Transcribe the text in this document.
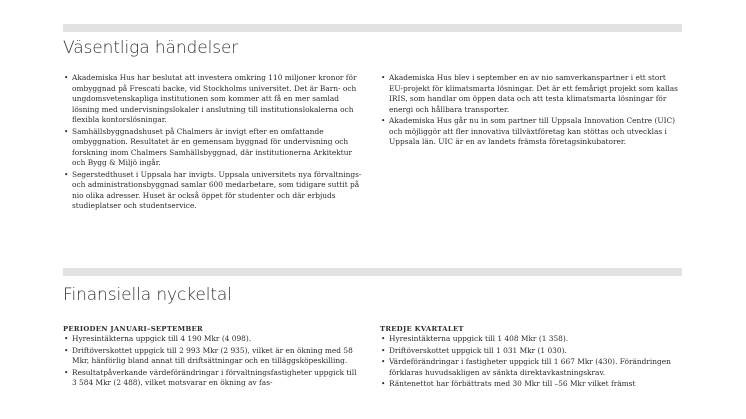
Väsentliga händelser
• Akademiska Hus har beslutat att investera omkring 110 miljoner kronor för ombyggnad på Frescati backe, vid Stockholms universitet. Det är Barn- och ungdomsvetenskapliga institutionen som kommer att få en mer samlad lösning med undervisningslokaler i anslutning till institutionslokalerna och flexibla kontorslösningar.
• Samhällsbyggnadshuset på Chalmers är invigt efter en omfattande ombyggnation. Resultatet är en gemensam byggnad för undervisning och forskning inom Chalmers Samhällsbyggnad, där institutionerna Arkitektur och Bygg & Miljö ingår.
• Segerstedthuset i Uppsala har invigts. Uppsala universitets nya förvaltnings- och administrationsbyggnad samlar 600 medarbetare, som tidigare suttit på nio olika adresser. Huset är också öppet för studenter och där erbjuds studieplatser och studentservice.
• Akademiska Hus blev i september en av nio samverkanspartner i ett stort EU-projekt för klimatsmarta lösningar. Det är ett femårigt projekt som kallas IRIS, som handlar om öppen data och att testa klimatsmarta lösningar för energi och hållbara transporter.
• Akademiska Hus går nu in som partner till Uppsala Innovation Centre (UIC) och möjliggör att fler innovativa tillväxtföretag kan stöttas och utvecklas i Uppsala län. UIC är en av landets främsta företagsinkubatorer.
Finansiella nyckeltal
PERIODEN JANUARI–SEPTEMBER
• Hyresintäkterna uppgick till 4 190 Mkr (4 098).
• Driftöverskottet uppgick till 2 993 Mkr (2 935), vilket är en ökning med 58 Mkr, hänförlig bland annat till driftsättningar och en tilläggsköpeskilling.
• Resultatpåverkande värdeförändringar i förvaltningsfastigheter uppgick till 3 584 Mkr (2 488), vilket motsvarar en ökning av fas-
TREDJE KVARTALET
• Hyresintäkterna uppgick till 1 408 Mkr (1 358).
• Driftöverskottet uppgick till 1 031 Mkr (1 030).
• Värdeförändringar i fastigheter uppgick till 1 667 Mkr (430). Förändringen förklaras huvudsakligen av sänkta direktavkastningskrav.
• Räntenettot har förbättrats med 30 Mkr till –56 Mkr vilket främst
